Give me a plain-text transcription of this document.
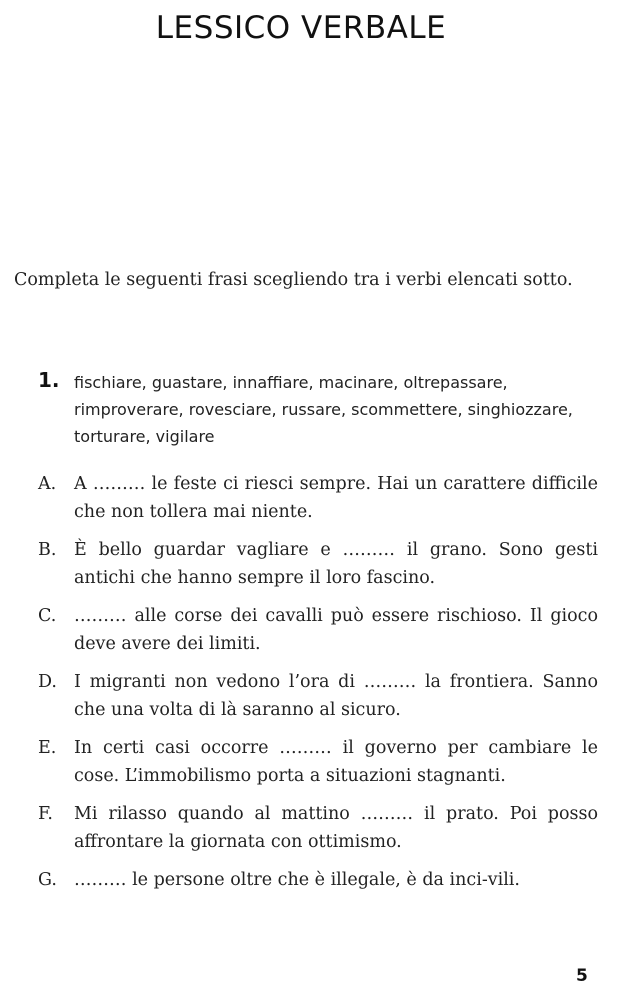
LESSICO VERBALE
Completa le seguenti frasi scegliendo tra i verbi elencati sotto.
1. fischiare, guastare, innaffiare, macinare, oltrepassare, rimproverare, rovesciare, russare, scommettere, singhiozzare, torturare, vigilare
A. A ……… le feste ci riesci sempre. Hai un carattere difficile che non tollera mai niente.
B. È bello guardar vagliare e ……… il grano. Sono gesti antichi che hanno sempre il loro fascino.
C. ……… alle corse dei cavalli può essere rischioso. Il gioco deve avere dei limiti.
D. I migranti non vedono l’ora di ……… la frontiera. Sanno che una volta di là saranno al sicuro.
E. In certi casi occorre ……… il governo per cambiare le cose. L’immobilismo porta a situazioni stagnanti.
F. Mi rilasso quando al mattino ……… il prato. Poi posso affrontare la giornata con ottimismo.
G. ……… le persone oltre che è illegale, è da inci-vili.
5
